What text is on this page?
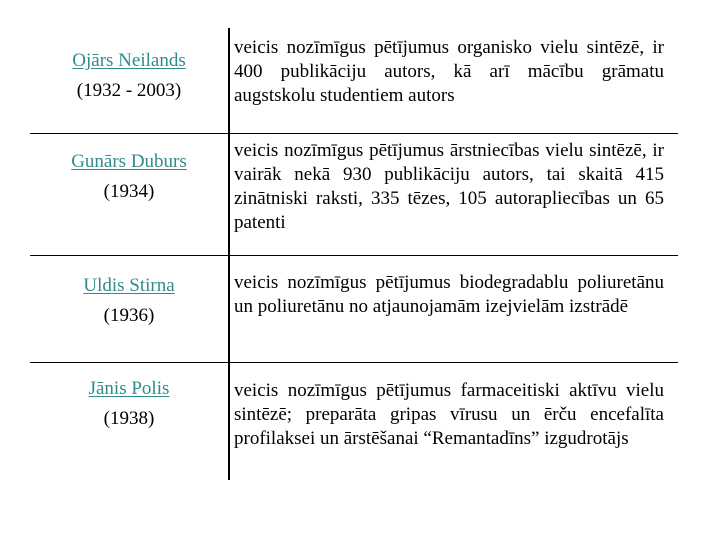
Ojārs Neilands
(1932 - 2003)
veicis nozīmīgus pētījumus organisko vielu sintēzē, ir 400 publikāciju autors, kā arī mācību grāmatu augstskolu studentiem autors
Gunārs Duburs
(1934)
veicis nozīmīgus pētījumus ārstniecības vielu sintēzē, ir vairāk nekā 930 publikāciju autors, tai skaitā 415 zinātniski raksti, 335 tēzes, 105 autorapliecības un 65 patenti
Uldis Stirna
(1936)
veicis nozīmīgus pētījumus biodegradablu poliuretānu un poliuretānu no atjaunojamām izejvielām izstrādē
Jānis Polis
(1938)
veicis nozīmīgus pētījumus farmaceitiski aktīvu vielu sintēzē; preparāta gripas vīrusu un ērču encefalīta profilaksei un ārstēšanai “Remantadīns” izgudrotājs
